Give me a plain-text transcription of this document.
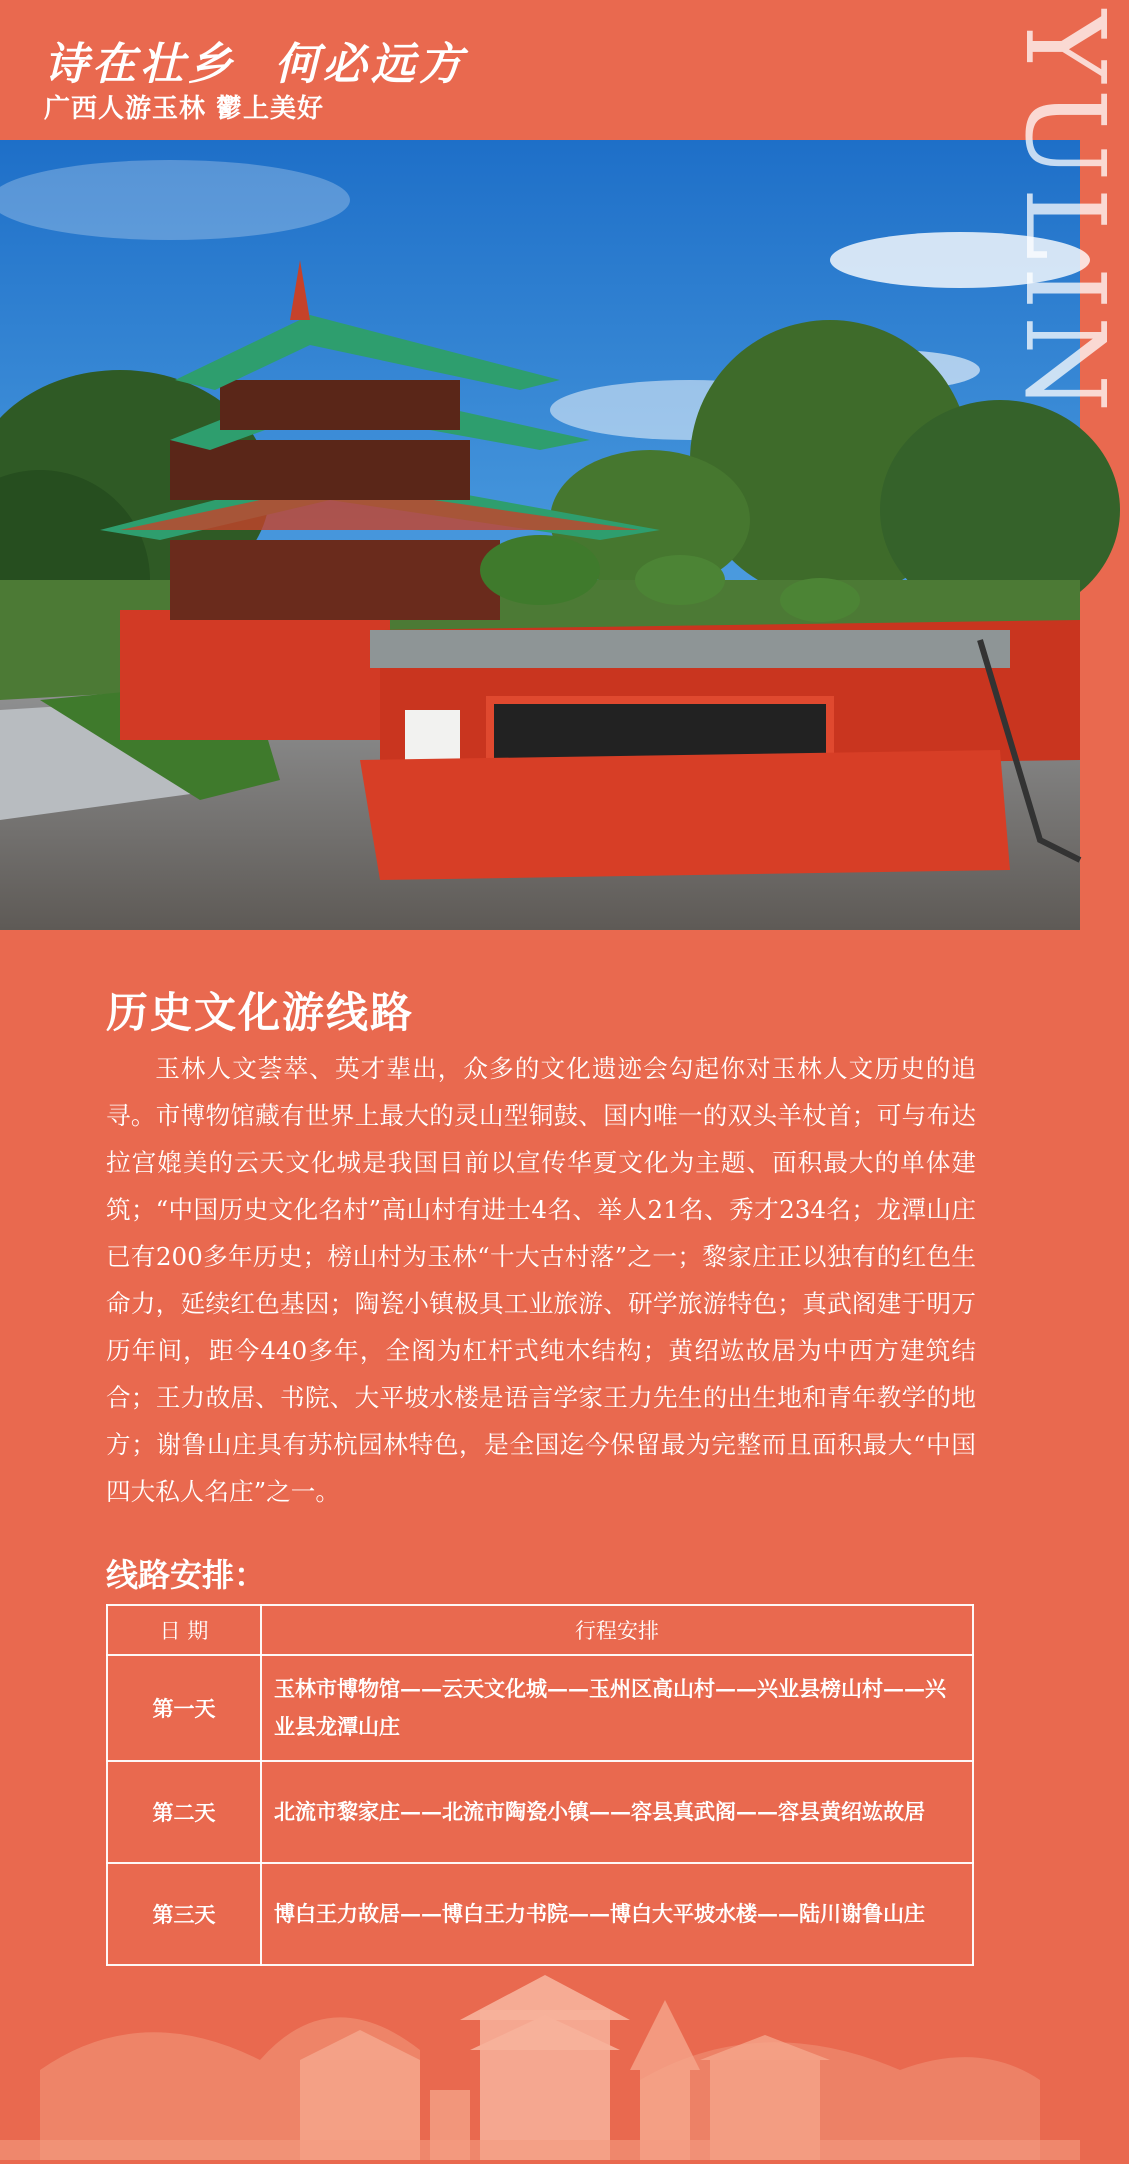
诗在壮乡  何必远方
广西人游玉林 鬱上美好	YULIN
历史文化游线路
玉林人文荟萃、英才辈出，众多的文化遗迹会勾起你对玉林人文历史的追寻。市博物馆藏有世界上最大的灵山型铜鼓、国内唯一的双头羊杖首；可与布达拉宫媲美的云天文化城是我国目前以宣传华夏文化为主题、面积最大的单体建筑；“中国历史文化名村”高山村有进士4名、举人21名、秀才234名；龙潭山庄已有200多年历史；榜山村为玉林“十大古村落”之一；黎家庄正以独有的红色生命力，延续红色基因；陶瓷小镇极具工业旅游、研学旅游特色；真武阁建于明万历年间，距今440多年，全阁为杠杆式纯木结构；黄绍竑故居为中西方建筑结合；王力故居、书院、大平坡水楼是语言学家王力先生的出生地和青年教学的地方；谢鲁山庄具有苏杭园林特色，是全国迄今保留最为完整而且面积最大“中国四大私人名庄”之一。
线路安排：
日 期	行程安排
第一天	玉林市博物馆——云天文化城——玉州区高山村——兴业县榜山村——兴业县龙潭山庄
第二天	北流市黎家庄——北流市陶瓷小镇——容县真武阁——容县黄绍竑故居
第三天	博白王力故居——博白王力书院——博白大平坡水楼——陆川谢鲁山庄
